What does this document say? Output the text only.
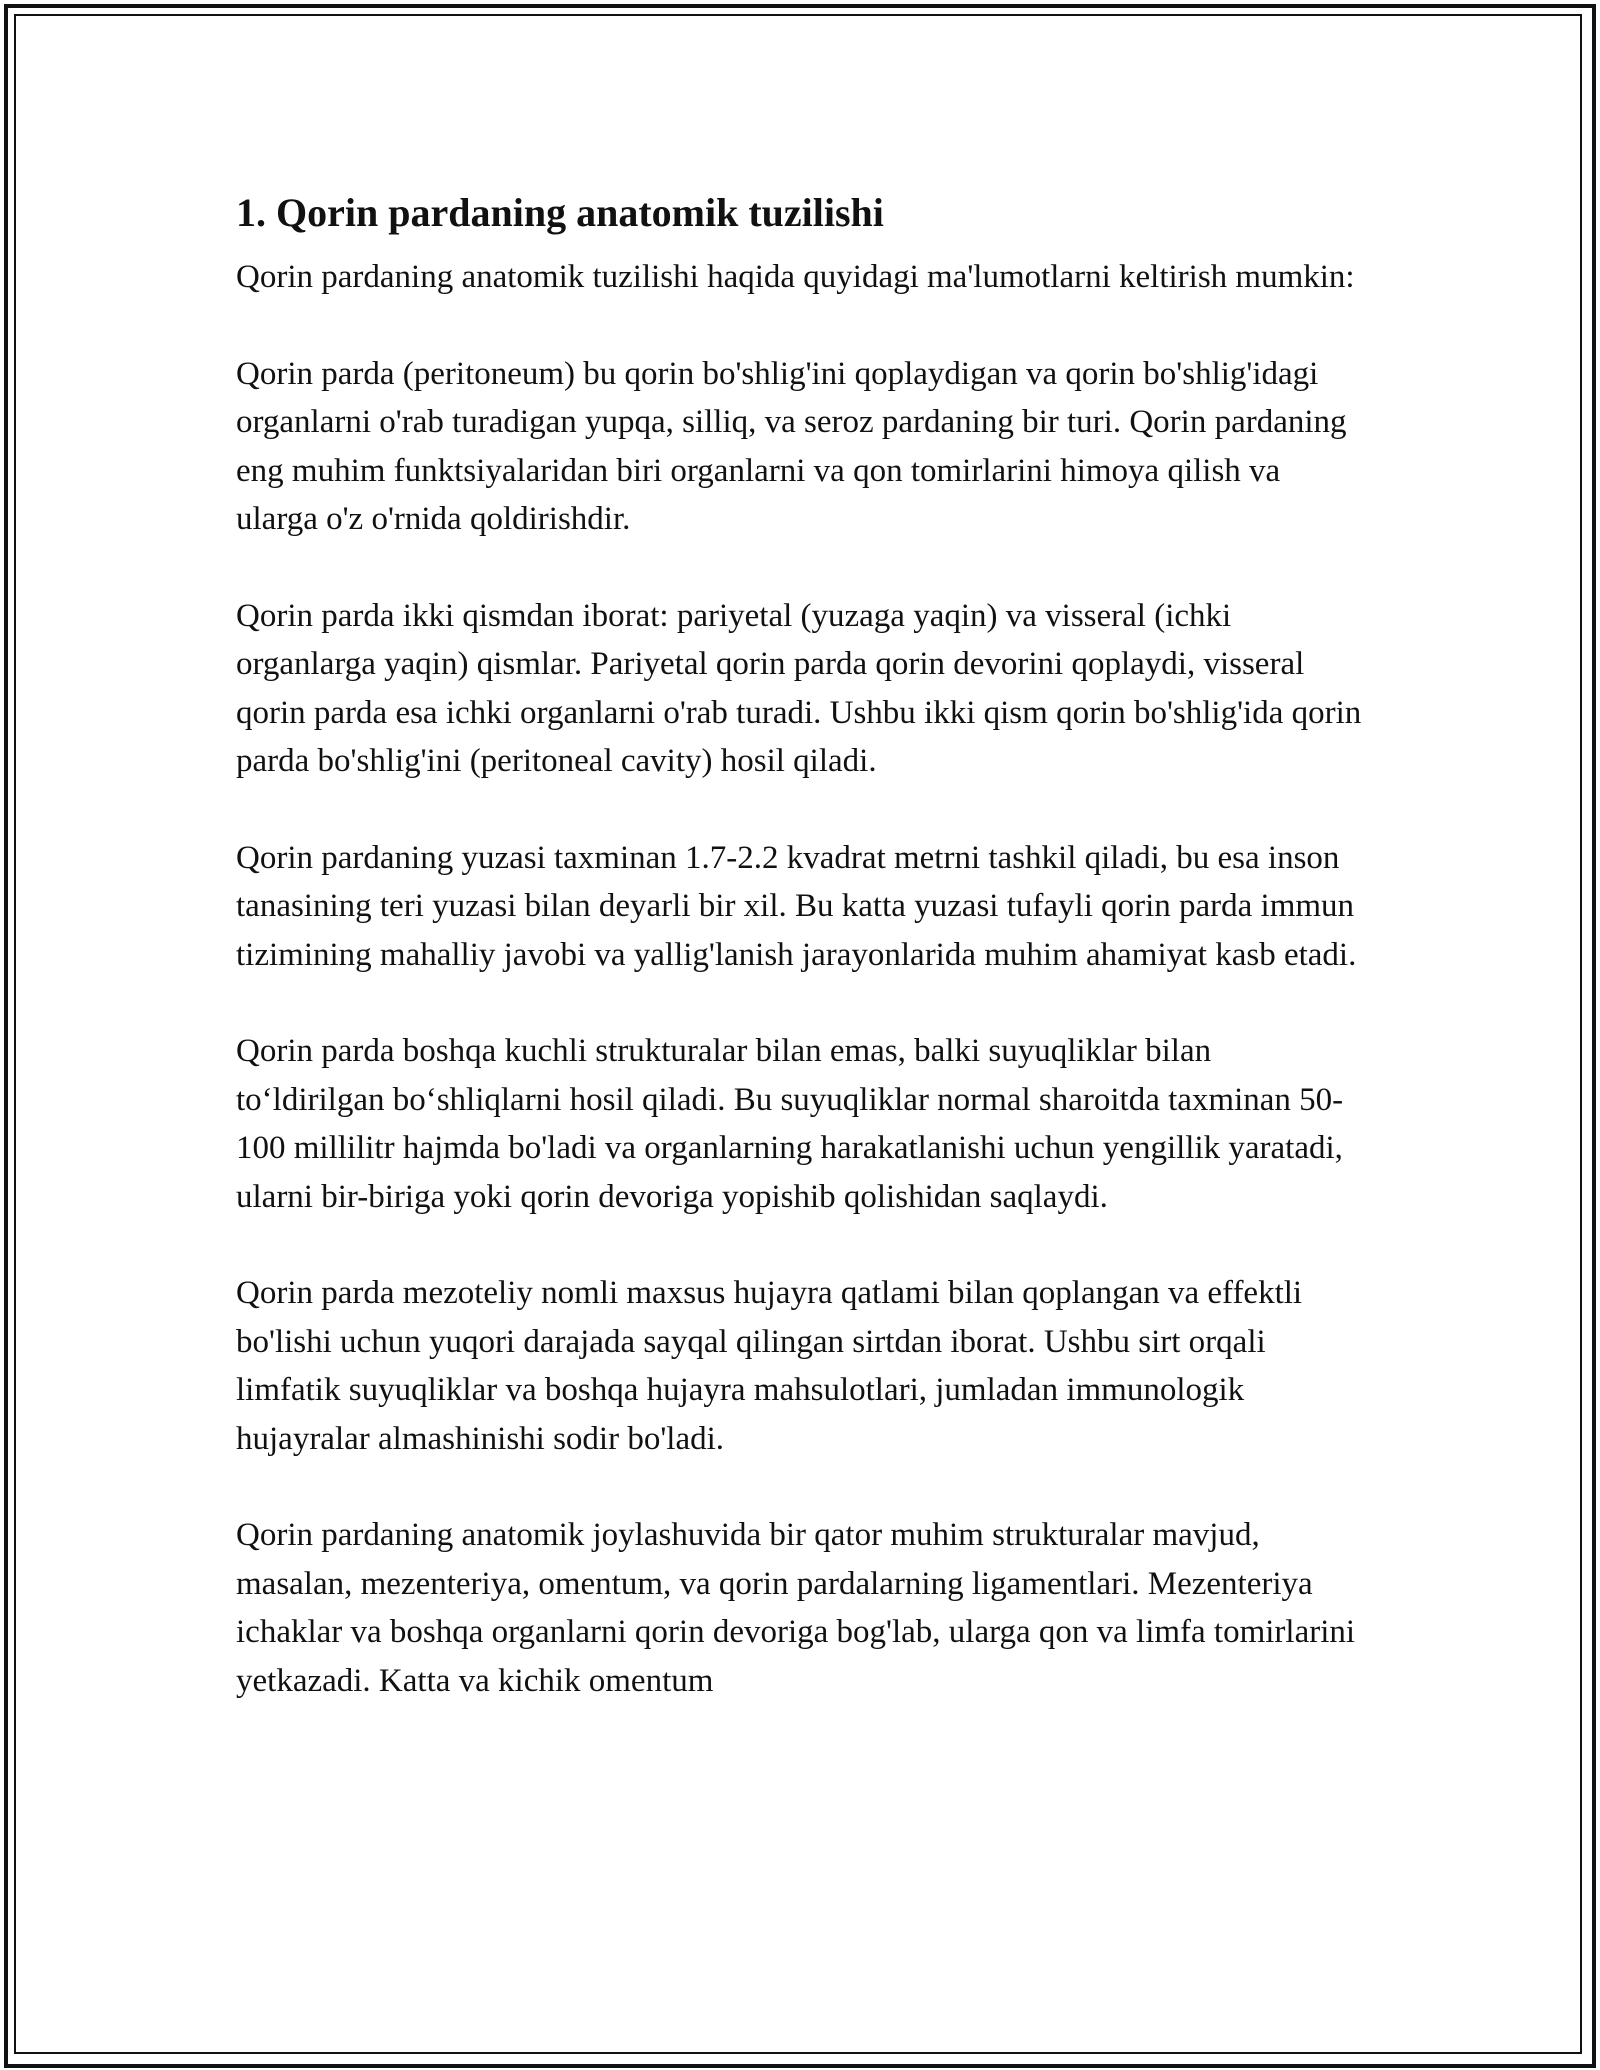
1. Qorin pardaning anatomik tuzilishi

Qorin pardaning anatomik tuzilishi haqida quyidagi ma'lumotlarni keltirish mumkin:

Qorin parda (peritoneum) bu qorin bo'shlig'ini qoplaydigan va qorin bo'shlig'idagi organlarni o'rab turadigan yupqa, silliq, va seroz pardaning bir turi. Qorin pardaning eng muhim funktsiyalaridan biri organlarni va qon tomirlarini himoya qilish va ularga o'z o'rnida qoldirishdir.

Qorin parda ikki qismdan iborat: pariyetal (yuzaga yaqin) va visseral (ichki organlarga yaqin) qismlar. Pariyetal qorin parda qorin devorini qoplaydi, visseral qorin parda esa ichki organlarni o'rab turadi. Ushbu ikki qism qorin bo'shlig'ida qorin parda bo'shlig'ini (peritoneal cavity) hosil qiladi.

Qorin pardaning yuzasi taxminan 1.7-2.2 kvadrat metrni tashkil qiladi, bu esa inson tanasining teri yuzasi bilan deyarli bir xil. Bu katta yuzasi tufayli qorin parda immun tizimining mahalliy javobi va yallig'lanish jarayonlarida muhim ahamiyat kasb etadi.

Qorin parda boshqa kuchli strukturalar bilan emas, balki suyuqliklar bilan to‘ldirilgan bo‘shliqlarni hosil qiladi. Bu suyuqliklar normal sharoitda taxminan 50-100 millilitr hajmda bo'ladi va organlarning harakatlanishi uchun yengillik yaratadi, ularni bir-biriga yoki qorin devoriga yopishib qolishidan saqlaydi.

Qorin parda mezoteliy nomli maxsus hujayra qatlami bilan qoplangan va effektli bo'lishi uchun yuqori darajada sayqal qilingan sirtdan iborat. Ushbu sirt orqali limfatik suyuqliklar va boshqa hujayra mahsulotlari, jumladan immunologik hujayralar almashinishi sodir bo'ladi.

Qorin pardaning anatomik joylashuvida bir qator muhim strukturalar mavjud, masalan, mezenteriya, omentum, va qorin pardalarning ligamentlari. Mezenteriya ichaklar va boshqa organlarni qorin devoriga bog'lab, ularga qon va limfa tomirlarini yetkazadi. Katta va kichik omentum
